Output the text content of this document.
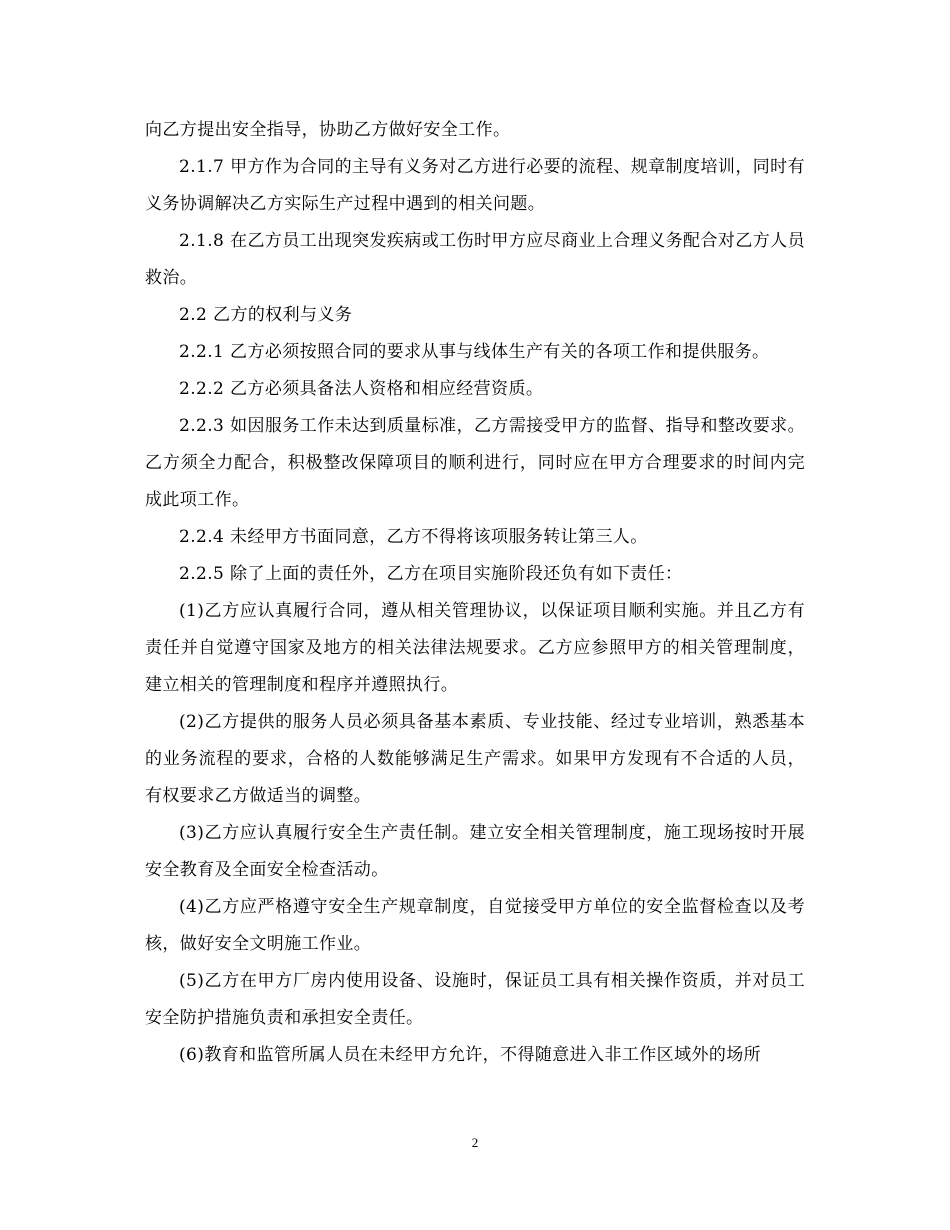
向乙方提出安全指导，协助乙方做好安全工作。

2.1.7 甲方作为合同的主导有义务对乙方进行必要的流程、规章制度培训，同时有义务协调解决乙方实际生产过程中遇到的相关问题。

2.1.8 在乙方员工出现突发疾病或工伤时甲方应尽商业上合理义务配合对乙方人员救治。

2.2 乙方的权利与义务

2.2.1 乙方必须按照合同的要求从事与线体生产有关的各项工作和提供服务。

2.2.2 乙方必须具备法人资格和相应经营资质。

2.2.3 如因服务工作未达到质量标准，乙方需接受甲方的监督、指导和整改要求。乙方须全力配合，积极整改保障项目的顺利进行，同时应在甲方合理要求的时间内完成此项工作。

2.2.4 未经甲方书面同意，乙方不得将该项服务转让第三人。

2.2.5 除了上面的责任外，乙方在项目实施阶段还负有如下责任：

(1)乙方应认真履行合同，遵从相关管理协议，以保证项目顺利实施。并且乙方有责任并自觉遵守国家及地方的相关法律法规要求。乙方应参照甲方的相关管理制度，建立相关的管理制度和程序并遵照执行。

(2)乙方提供的服务人员必须具备基本素质、专业技能、经过专业培训，熟悉基本的业务流程的要求，合格的人数能够满足生产需求。如果甲方发现有不合适的人员，有权要求乙方做适当的调整。

(3)乙方应认真履行安全生产责任制。建立安全相关管理制度，施工现场按时开展安全教育及全面安全检查活动。

(4)乙方应严格遵守安全生产规章制度，自觉接受甲方单位的安全监督检查以及考核，做好安全文明施工作业。

(5)乙方在甲方厂房内使用设备、设施时，保证员工具有相关操作资质，并对员工安全防护措施负责和承担安全责任。

(6)教育和监管所属人员在未经甲方允许，不得随意进入非工作区域外的场所

2
